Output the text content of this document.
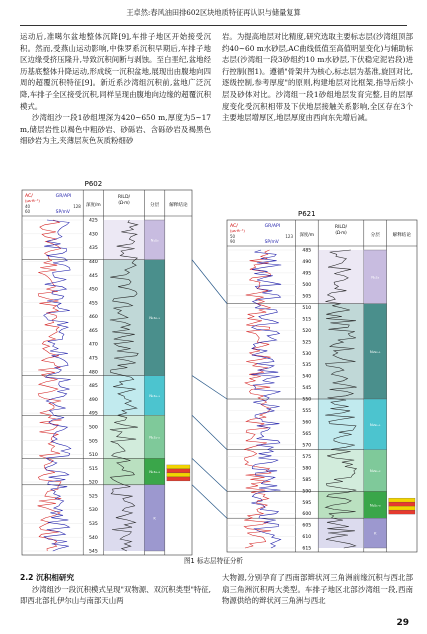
王卓然:春风油田排602区块地质特征再认识与储量复算

运动后,准噶尔盆地整体沉降[9],车排子地区开始接受沉积。然而,受燕山运动影响,中侏罗系沉积早期后,车排子地区边缘受挤压隆升,导致沉积间断与剥蚀。至白垩纪,盆地经历基底整体升降运动,形成统一沉积盆地,展现出由腹地向四周的超覆沉积特征[9]。新近系沙湾组沉积前,盆地广泛沉降,车排子全区接受沉积,同样呈现由腹地向边缘的超覆沉积模式。

沙湾组沙一段1砂组埋深为420~650 m,厚度为5~17 m,储层岩性以褐色中粗砂岩、砂砾岩、含砾砂岩及褐黑色细砂岩为主,夹薄层灰色灰质粉细砂

岩。为提高地层对比精度,研究选取主要标志层(沙湾组顶部约40~60 m水砂层,AC曲线低值至高值明显变化)与辅助标志层(沙湾组一段3砂组约10 m水砂层,下伏稳定泥岩段)进行控制(图1)。遵循"骨架井为核心,标志层为基准,旋回对比,逐级控制,参考厚度"的原则,构建地层对比框架,指导后续小层及砂体对比。沙湾组一段1砂组地层发育完整,目的层厚度变化受沉积相带及下伏地层接触关系影响,全区存在3个主要地层增厚区,地层厚度由西向东先增后减。

P602
AC/
(μs·ft⁻¹)
GR/API
40	128
SP/mV
60
深度/m
RILD/
(Ω·m)
分层 解释结论
425
430
435
440
445
450
455
460
465
470
475
480
485
490
495
500
505
510
515
520
525
530
535
540
545
N₁s₃
N₁s₂-₁
N₁s₁-₁
N₁s₁-₂
N₁s₁-₃
K
P621
AC/
(μs·ft⁻¹)
GR/API
50	123
SP/mV
90
深度/m
RILD/
(Ω·m)
分层	解释结论
485
490
495
500
505
510
515
520
525
530
535
540
545
550
555
560
565
570
575
580
585
590
595
600
605
610
615
N₁s₃
N₁s₂-₁
N₁s₁-₁
N₁s₁-₂
N₁s₁-₃
K
图1 标志层特征分析
2.2 沉积相研究

沙湾组沙一段沉积模式呈现"双物源、双沉积类型"特征,即西北部扎伊尔山与南部天山两

大物源,分别孕育了西南部辫状河三角洲前缘沉积与西北部扇三角洲沉积两大类型。车排子地区北部沙湾组一段,西南物源供给的辫状河三角洲与西北

29
